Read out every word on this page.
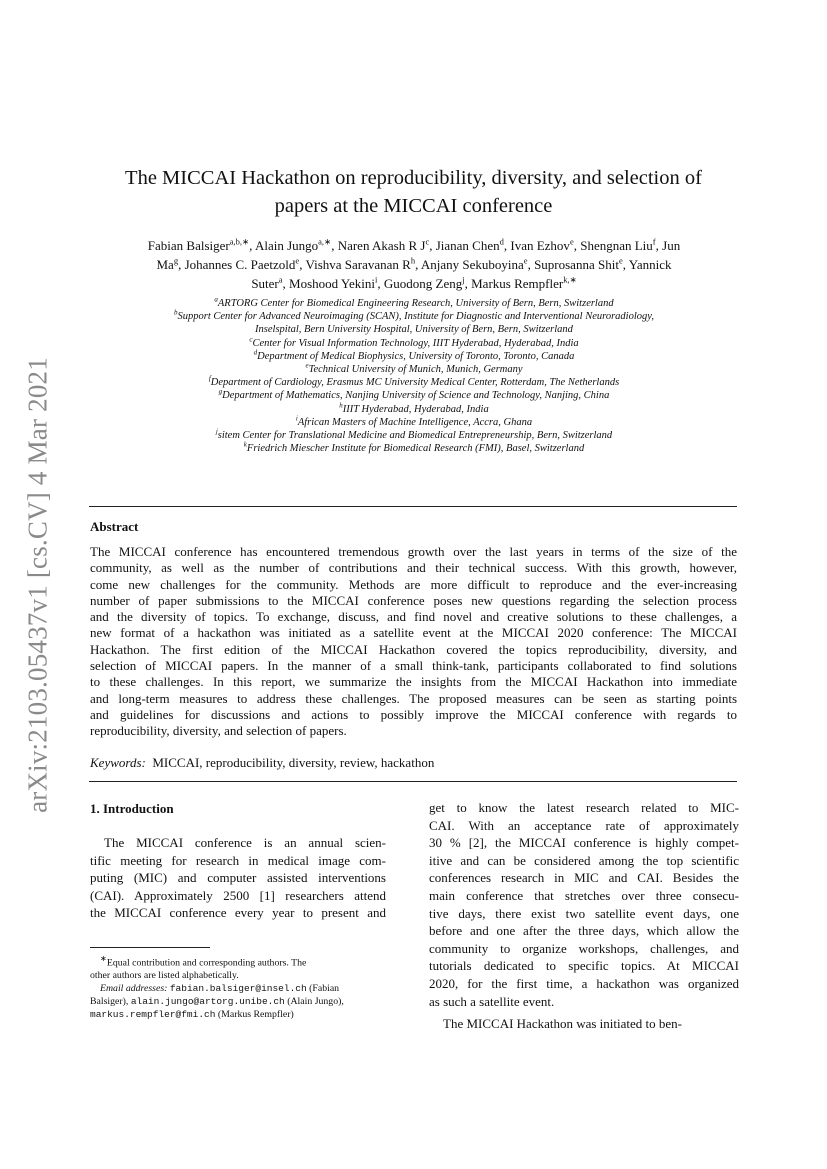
arXiv:2103.05437v1 [cs.CV] 4 Mar 2021
The MICCAI Hackathon on reproducibility, diversity, and selection of
papers at the MICCAI conference
Fabian Balsiger$^{a,b,∗}$, Alain Jungo$^{a,∗}$, Naren Akash R $J^c$, Jianan Chen$^d$, Ivan Ezhov$^e$, Shengnan Liu$^f$, Jun
Ma$^g$, Johannes C. Paetzold$^e$, Vishva Saravanan $R^h$, Anjany Sekuboyina$^e$, Suprosanna Shit$^e$, Yannick
Suter$^a$, Moshood Yekini$^i$, Guodong Zeng$^j$, Markus Rempfler$^{k,∗}$
$^a$ARTORG Center for Biomedical Engineering Research, University of Bern, Bern, Switzerland
$^b$Support Center for Advanced Neuroimaging (SCAN), Institute for Diagnostic and Interventional Neuroradiology,
Inselspital, Bern University Hospital, University of Bern, Bern, Switzerland
$^c$Center for Visual Information Technology, IIIT Hyderabad, Hyderabad, India
$^d$Department of Medical Biophysics, University of Toronto, Toronto, Canada
$^e$Technical University of Munich, Munich, Germany
$^f$Department of Cardiology, Erasmus MC University Medical Center, Rotterdam, The Netherlands
$^g$Department of Mathematics, Nanjing University of Science and Technology, Nanjing, China
$^h$IIIT Hyderabad, Hyderabad, India
$^i$African Masters of Machine Intelligence, Accra, Ghana
$^j$sitem Center for Translational Medicine and Biomedical Entrepreneurship, Bern, Switzerland
$^k$Friedrich Miescher Institute for Biomedical Research (FMI), Basel, Switzerland
Abstract
The MICCAI conference has encountered tremendous growth over the last years in terms of the size of the
community, as well as the number of contributions and their technical success. With this growth, however,
come new challenges for the community. Methods are more difficult to reproduce and the ever-increasing
number of paper submissions to the MICCAI conference poses new questions regarding the selection process
and the diversity of topics. To exchange, discuss, and find novel and creative solutions to these challenges, a
new format of a hackathon was initiated as a satellite event at the MICCAI 2020 conference: The MICCAI
Hackathon. The first edition of the MICCAI Hackathon covered the topics reproducibility, diversity, and
selection of MICCAI papers. In the manner of a small think-tank, participants collaborated to find solutions
to these challenges. In this report, we summarize the insights from the MICCAI Hackathon into immediate
and long-term measures to address these challenges. The proposed measures can be seen as starting points
and guidelines for discussions and actions to possibly improve the MICCAI conference with regards to
reproducibility, diversity, and selection of papers.
Keywords: MICCAI, reproducibility, diversity, review, hackathon
1. Introduction
The MICCAI conference is an annual scien-
tific meeting for research in medical image com-
puting (MIC) and computer assisted interventions
(CAI). Approximately 2500 [1] researchers attend
the MICCAI conference every year to present and
get to know the latest research related to MIC-
CAI. With an acceptance rate of approximately
30 % [2], the MICCAI conference is highly compet-
itive and can be considered among the top scientific
conferences research in MIC and CAI. Besides the
main conference that stretches over three consecu-
tive days, there exist two satellite event days, one
before and one after the three days, which allow the
community to organize workshops, challenges, and
tutorials dedicated to specific topics. At MICCAI
2020, for the first time, a hackathon was organized
as such a satellite event.
The MICCAI Hackathon was initiated to ben-
∗Equal contribution and corresponding authors. The
other authors are listed alphabetically.
Email addresses: fabian.balsiger@insel.ch (Fabian
Balsiger), alain.jungo@artorg.unibe.ch (Alain Jungo),
markus.rempfler@fmi.ch (Markus Rempfler)
